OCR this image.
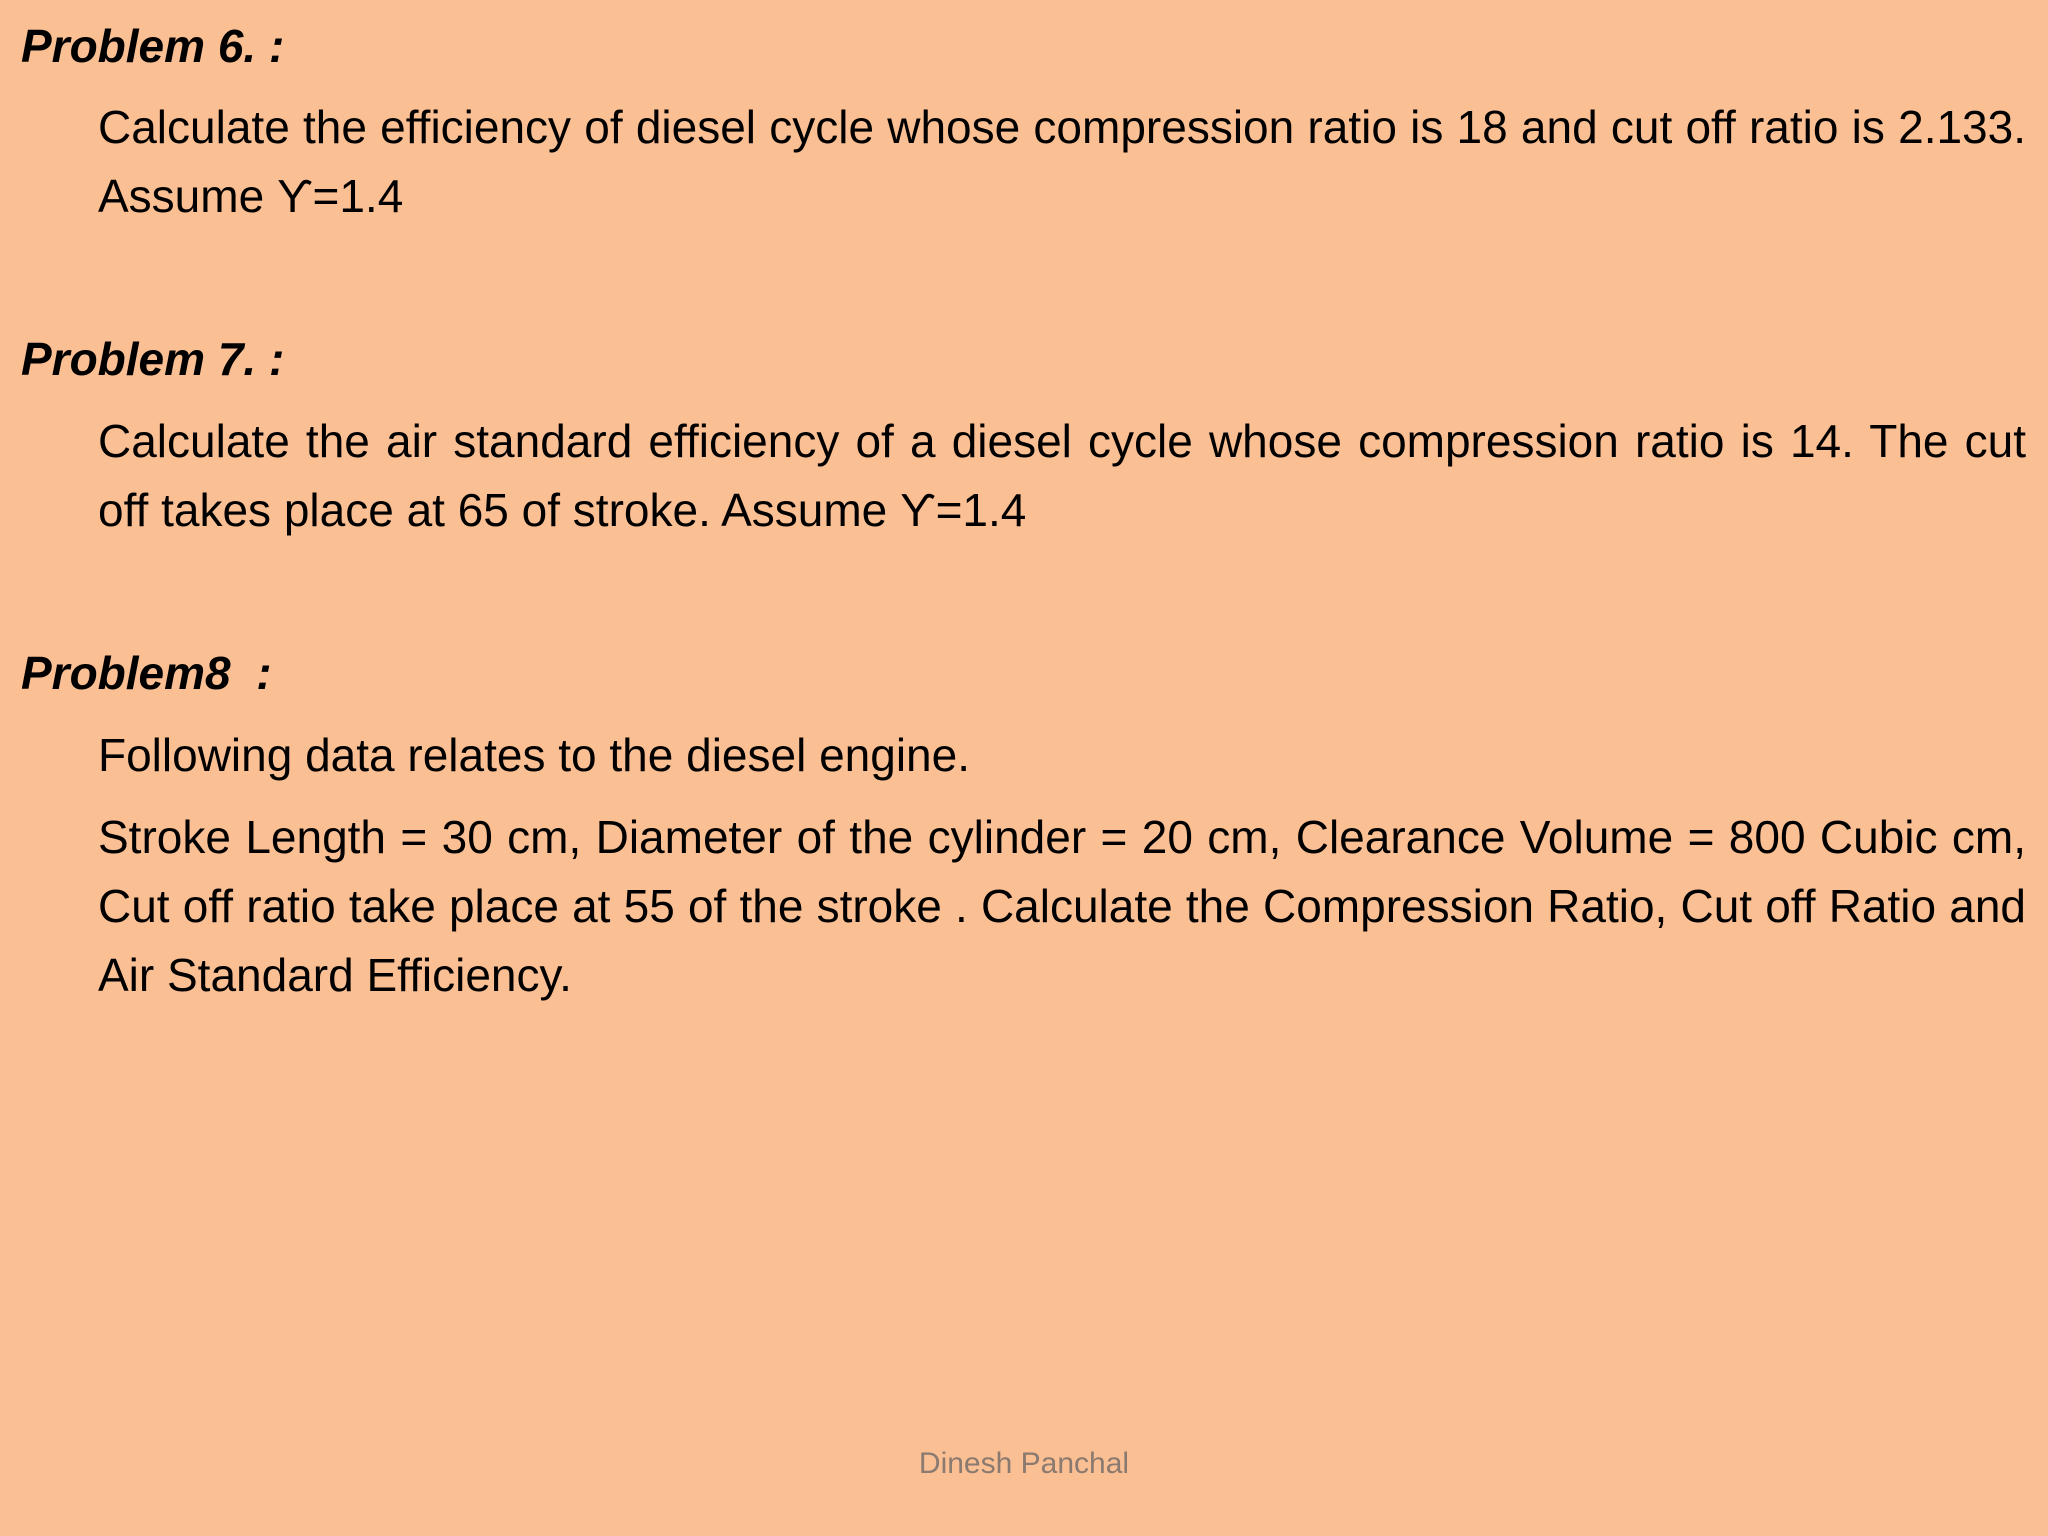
Problem 6. :

Calculate the efficiency of diesel cycle whose compression ratio is 18 and cut off ratio is 2.133. Assume ϒ=1.4

Problem 7. :

Calculate the air standard efficiency of a diesel cycle whose compression ratio is 14. The cut off takes place at 65 of stroke. Assume ϒ=1.4

Problem8  :

Following data relates to the diesel engine.

Stroke Length = 30 cm, Diameter of the cylinder = 20 cm, Clearance Volume = 800 Cubic cm, Cut off ratio take place at 55 of the stroke . Calculate the Compression Ratio, Cut off Ratio and Air Standard Efficiency.

Dinesh Panchal
